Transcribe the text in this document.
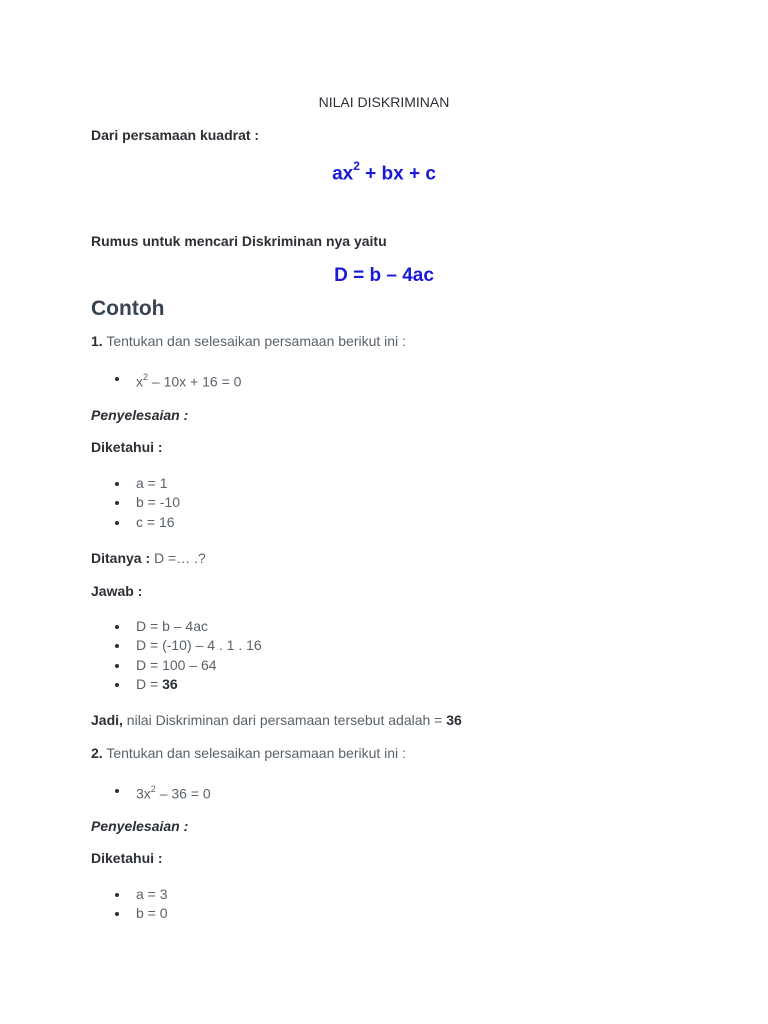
NILAI DISKRIMINAN
Dari persamaan kuadrat :
$ax^2$ + bx + c
Rumus untuk mencari Diskriminan nya yaitu
D = b – 4ac
Contoh
1. Tentukan dan selesaikan persamaan berikut ini :
$x^2 - 10x + 16 = 0$
Penyelesaian :
Diketahui :
a = 1
b = -10
c = 16
Ditanya : D =… .?
Jawab :
D = b – 4ac
D = (-10) – 4 . 1 . 16
D = 100 – 64
D = 36
Jadi, nilai Diskriminan dari persamaan tersebut adalah = 36
2. Tentukan dan selesaikan persamaan berikut ini :
$3x^2 - 36 = 0$
Penyelesaian :
Diketahui :
a = 3
b = 0
